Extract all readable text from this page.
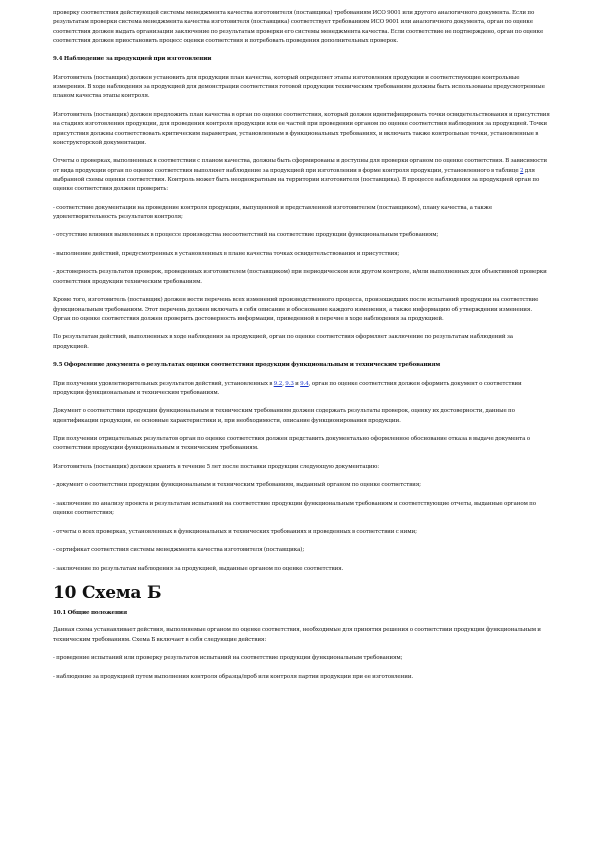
проверку соответствия действующей системы менеджмента качества изготовителя (поставщика) требованиям ИСО 9001 или другого аналогичного документа. Если по результатам проверки система менеджмента качества изготовителя (поставщика) соответствует требованиям ИСО 9001 или аналогичного документа, орган по оценке соответствия должен выдать организации заключение по результатам проверки его системы менеджмента качества. Если соответствие не подтверждено, орган по оценке соответствия должен приостановить процесс оценки соответствия и потребовать проведения дополнительных проверок.

9.4 Наблюдение за продукцией при изготовлении

Изготовитель (поставщик) должен установить для продукции план качества, который определяет этапы изготовления продукции и соответствующие контрольные измерения. В ходе наблюдения за продукцией для демонстрации соответствия готовой продукции техническим требованиям должны быть использованы предусмотренные планом качества этапы контроля.

Изготовитель (поставщик) должен предложить план качества в орган по оценке соответствия, который должен идентифицировать точки освидетельствования и присутствия на стадиях изготовления продукции, для проведения контроля продукции или ее частей при проведении органом по оценке соответствия наблюдения за продукцией. Точки присутствия должны соответствовать критическим параметрам, установленным в функциональных требованиях, и включать также контрольные точки, установленные в конструкторской документации.

Отчеты о проверках, выполненных в соответствии с планом качества, должны быть сформированы и доступны для проверки органом по оценке соответствия. В зависимости от вида продукции орган по оценке соответствия выполняет наблюдение за продукцией при изготовлении в форме контроля продукции, установленного в таблице 2 для выбранной схемы оценки соответствия. Контроль может быть неоднократным на территории изготовителя (поставщика). В процессе наблюдения за продукцией орган по оценке соответствия должен проверить:

- соответствие документации на проведение контроля продукции, выпущенной и представленной изготовителем (поставщиком), плану качества, а также удовлетворительность результатов контроля;

- отсутствие влияния выявленных в процессе производства несоответствий на соответствие продукции функциональным требованиям;

- выполнение действий, предусмотренных в установленных в плане качества точках освидетельствования и присутствия;

- достоверность результатов проверок, проведенных изготовителем (поставщиком) при периодическом или другом контроле, и/или выполненных для объективной проверки соответствия продукции техническим требованиям.

Кроме того, изготовитель (поставщик) должен вести перечень всех изменений производственного процесса, произошедших после испытаний продукции на соответствие функциональным требованиям. Этот перечень должен включать в себя описание и обоснование каждого изменения, а также информацию об утверждении изменения. Орган по оценке соответствия должен проверить достоверность информации, приведенной в перечне в ходе наблюдения за продукцией.

По результатам действий, выполненных в ходе наблюдения за продукцией, орган по оценке соответствия оформляет заключение по результатам наблюдений за продукцией.

9.5 Оформление документа о результатах оценки соответствия продукции функциональным и техническим требованиям

При получении удовлетворительных результатов действий, установленных в 9.2, 9.3 и 9.4, орган по оценке соответствия должен оформить документ о соответствии продукции функциональным и техническим требованиям.

Документ о соответствии продукции функциональным и техническим требованиям должен содержать результаты проверок, оценку их достоверности, данные по идентификации продукции, ее основные характеристики и, при необходимости, описание функционирования продукции.

При получении отрицательных результатов орган по оценке соответствия должен представить документально оформленное обоснование отказа в выдаче документа о соответствии продукции функциональным и техническим требованиям.

Изготовитель (поставщик) должен хранить в течение 5 лет после поставки продукции следующую документацию:

- документ о соответствии продукции функциональным и техническим требованиям, выданный органом по оценке соответствия;

- заключение по анализу проекта и результатам испытаний на соответствие продукции функциональным требованиям и соответствующие отчеты, выданные органом по оценке соответствия;

- отчеты о всех проверках, установленных в функциональных и технических требованиях и проведенных в соответствии с ними;

- сертификат соответствия системы менеджмента качества изготовителя (поставщика);

- заключение по результатам наблюдения за продукцией, выданные органом по оценке соответствия.

10 Схема Б
10.1 Общие положения

Данная схема устанавливает действия, выполняемые органом по оценке соответствия, необходимые для принятия решения о соответствии продукции функциональным и техническим требованиям. Схема Б включает в себя следующие действия:

- проведение испытаний или проверку результатов испытаний на соответствие продукции функциональным требованиям;

- наблюдение за продукцией путем выполнения контроля образца/проб или контроля партии продукции при ее изготовлении.
